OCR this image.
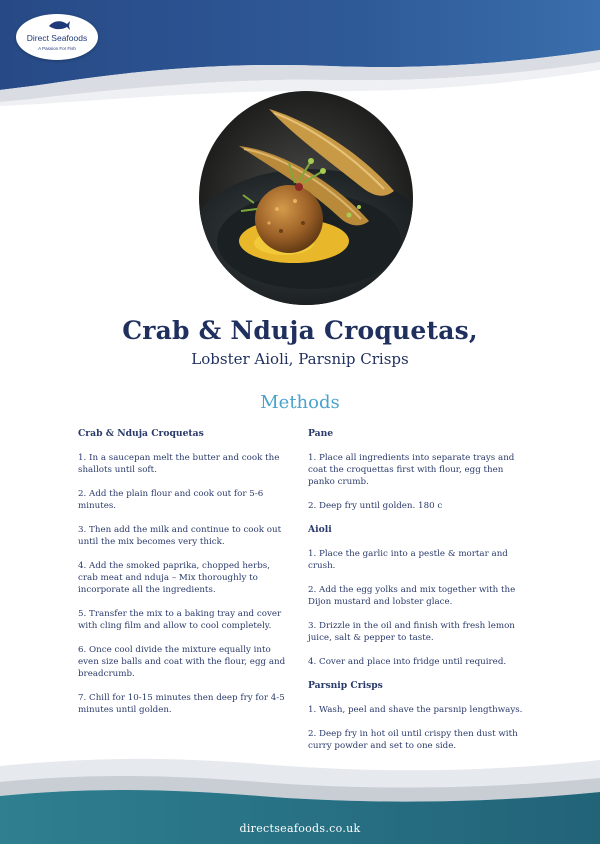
Direct Seafoods
A Passion For Fish
Crab & Nduja Croquetas,
Lobster Aioli, Parsnip Crisps
Methods
Crab & Nduja Croquetas

1. In a saucepan melt the butter and cook the shallots until soft.

2. Add the plain flour and cook out for 5-6 minutes.

3. Then add the milk and continue to cook out until the mix becomes very thick.

4. Add the smoked paprika, chopped herbs, crab meat and nduja – Mix thoroughly to incorporate all the ingredients.

5. Transfer the mix to a baking tray and cover with cling film and allow to cool completely.

6. Once cool divide the mixture equally into even size balls and coat with the flour, egg and breadcrumb.

7. Chill for 10-15 minutes then deep fry for 4-5 minutes until golden.

Pane

1. Place all ingredients into separate trays and coat the croquettas first with flour, egg then panko crumb.

2. Deep fry until golden. 180 c

Aioli

1. Place the garlic into a pestle & mortar and crush.

2. Add the egg yolks and mix together with the Dijon mustard and lobster glace.

3. Drizzle in the oil and finish with fresh lemon juice, salt & pepper to taste.

4. Cover and place into fridge until required.

Parsnip Crisps

1. Wash, peel and shave the parsnip lengthways.

2. Deep fry in hot oil until crispy then dust with curry powder and set to one side.

directseafoods.co.uk
